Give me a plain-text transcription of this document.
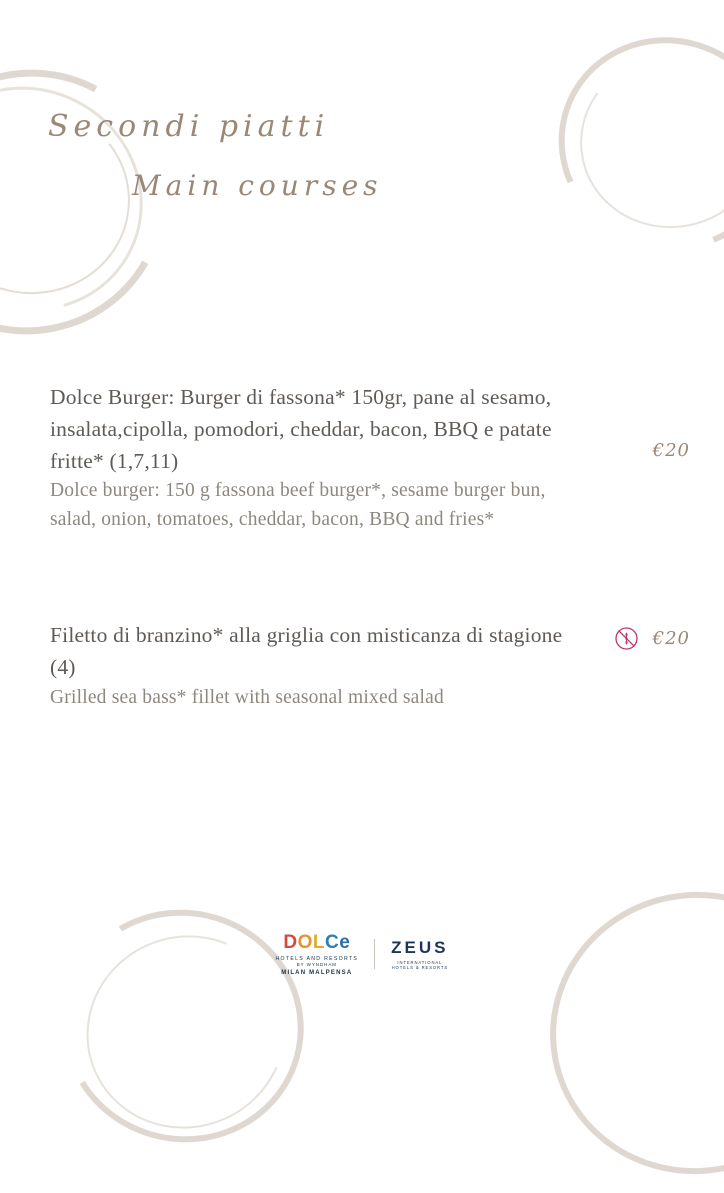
Secondi piatti
Main courses
Dolce Burger: Burger di fassona* 150gr, pane al sesamo, insalata,cipolla, pomodori, cheddar, bacon, BBQ e patate fritte* (1,7,11)
Dolce burger: 150 g fassona beef burger*, sesame burger bun, salad, onion, tomatoes, cheddar, bacon, BBQ and fries*
€20
Filetto di branzino* alla griglia con misticanza di stagione (4)
Grilled sea bass* fillet with seasonal mixed salad
€20
DOLCe
HOTELS AND RESORTS
BY WYNDHAM
MILAN MALPENSA
ZEUS
INTERNATIONAL
HOTELS & RESORTS
